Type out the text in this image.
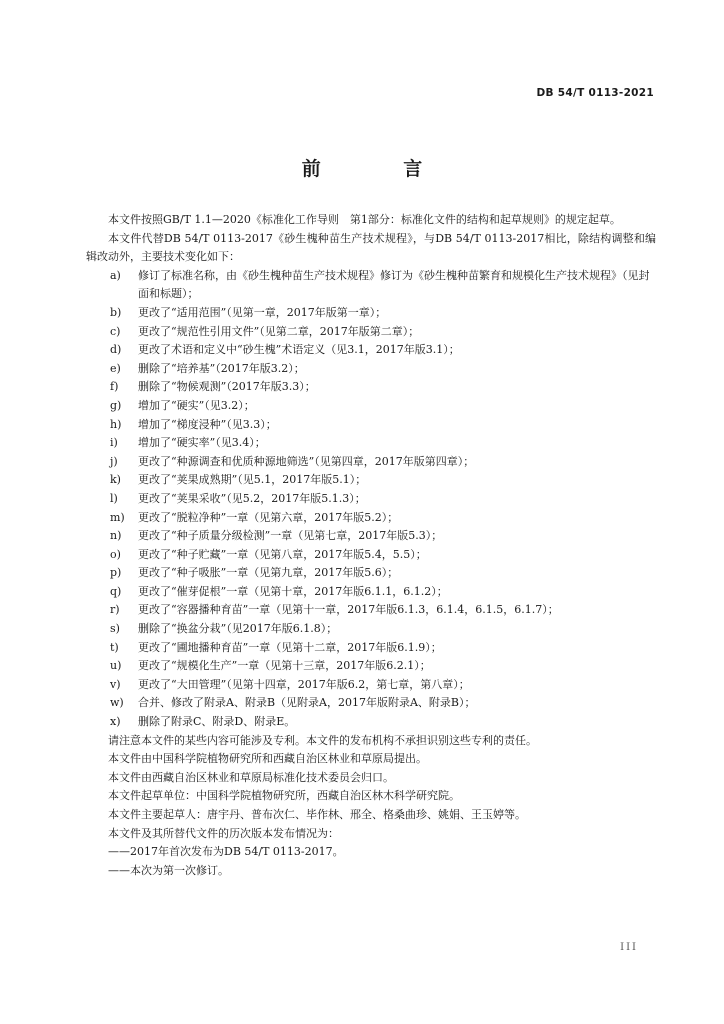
DB 54/T 0113-2021
前 言

本文件按照GB/T 1.1—2020《标准化工作导则　第1部分：标准化文件的结构和起草规则》的规定起草。

本文件代替DB 54/T 0113-2017《砂生槐种苗生产技术规程》，与DB 54/T 0113-2017相比，除结构调整和编辑改动外，主要技术变化如下：

a) 修订了标准名称，由《砂生槐种苗生产技术规程》修订为《砂生槐种苗繁育和规模化生产技术规程》（见封面和标题）；
b) 更改了“适用范围”（见第一章，2017年版第一章）；
c) 更改了“规范性引用文件”（见第二章，2017年版第二章）；
d) 更改了术语和定义中“砂生槐”术语定义（见3.1，2017年版3.1）；
e) 删除了“培养基”（2017年版3.2）；
f) 删除了“物候观测”（2017年版3.3）；
g) 增加了“硬实”（见3.2）；
h) 增加了“梯度浸种”（见3.3）；
i) 增加了“硬实率”（见3.4）；
j) 更改了“种源调查和优质种源地筛选”（见第四章，2017年版第四章）；
k) 更改了“荚果成熟期”（见5.1，2017年版5.1）；
l) 更改了“荚果采收”（见5.2，2017年版5.1.3）；
m) 更改了“脱粒净种”一章（见第六章，2017年版5.2）；
n) 更改了“种子质量分级检测”一章（见第七章，2017年版5.3）；
o) 更改了“种子贮藏”一章（见第八章，2017年版5.4，5.5）；
p) 更改了“种子吸胀”一章（见第九章，2017年版5.6）；
q) 更改了“催芽促根”一章（见第十章，2017年版6.1.1，6.1.2）；
r) 更改了“容器播种育苗”一章（见第十一章，2017年版6.1.3，6.1.4，6.1.5，6.1.7）；
s) 删除了“换盆分栽”（见2017年版6.1.8）；
t) 更改了“圃地播种育苗”一章（见第十二章，2017年版6.1.9）；
u) 更改了“规模化生产”一章（见第十三章，2017年版6.2.1）；
v) 更改了“大田管理”（见第十四章，2017年版6.2，第七章，第八章）；
w) 合并、修改了附录A、附录B（见附录A，2017年版附录A、附录B）；
x) 删除了附录C、附录D、附录E。

请注意本文件的某些内容可能涉及专利。本文件的发布机构不承担识别这些专利的责任。

本文件由中国科学院植物研究所和西藏自治区林业和草原局提出。

本文件由西藏自治区林业和草原局标准化技术委员会归口。

本文件起草单位：中国科学院植物研究所，西藏自治区林木科学研究院。

本文件主要起草人：唐宇丹、普布次仁、毕作林、邢全、格桑曲珍、姚娟、王玉婷等。

本文件及其所替代文件的历次版本发布情况为：

——2017年首次发布为DB 54/T 0113-2017。

——本次为第一次修订。

III
